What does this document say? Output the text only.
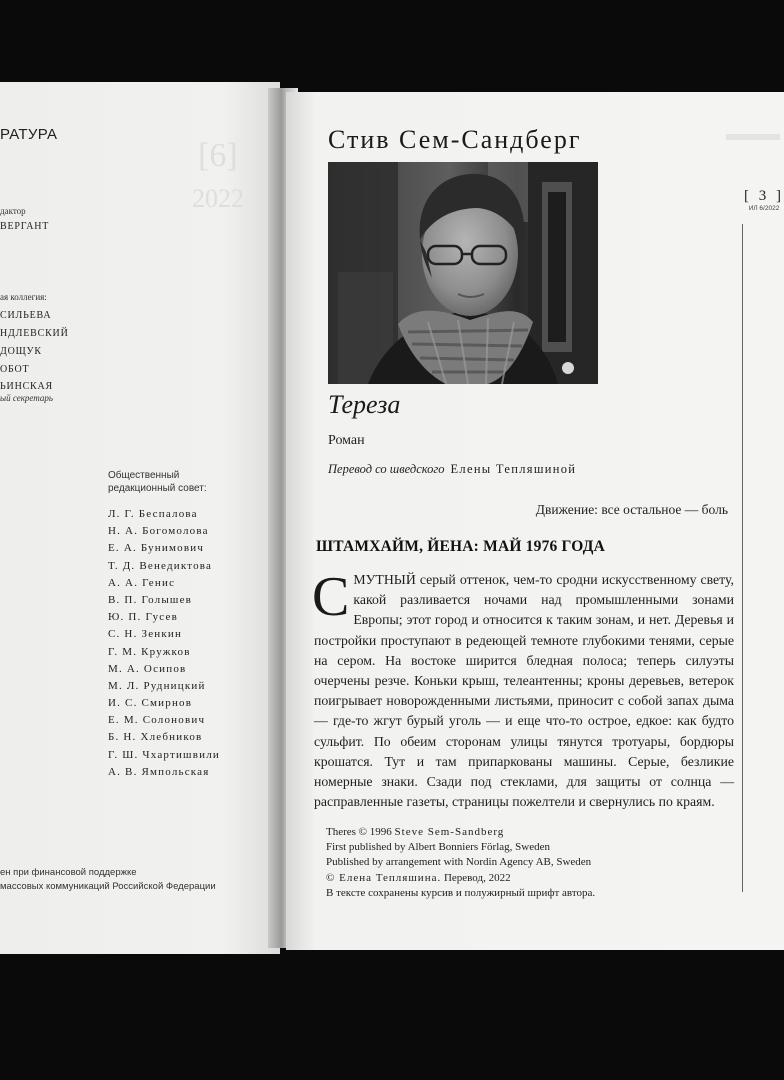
[6]
2022
РАТУРА
дактор
ВЕРГАНТ
ая коллегия:
СИЛЬЕВА
НДЛЕВСКИЙ
ДОЩУК
ОБОТ
ЬИНСКАЯ
ый секретарь
Общественный
редакционный совет:
Л. Г. Беспалова
Н. А. Богомолова
Е. А. Бунимович
Т. Д. Венедиктова
А. А. Генис
В. П. Голышев
Ю. П. Гусев
С. Н. Зенкин
Г. М. Кружков
М. А. Осипов
М. Л. Рудницкий
И. С. Смирнов
Е. М. Солонович
Б. Н. Хлебников
Г. Ш. Чхартишвили
А. В. Ямпольская
ен при финансовой поддержке
массовых коммуникаций Российской Федерации
[ 3 ]
ИЛ 6/2022
Стив Сем-Сандберг
Тереза
Роман
Перевод со шведского Елены Тепляшиной
Движение: все остальное — боль
ШТАМХАЙМ, ЙЕНА: МАЙ 1976 ГОДА

СМУТНЫЙ серый оттенок, чем-то сродни искусственному свету, какой разливается ночами над промышленными зонами Европы; этот город и относится к таким зонам, и нет. Деревья и постройки проступают в редеющей темноте глубокими тенями, серые на сером. На востоке ширится бледная полоса; теперь силуэты очерчены резче. Коньки крыш, телеантенны; кроны деревьев, ветерок поигрывает новорожденными листьями, приносит с собой запах дыма — где-то жгут бурый уголь — и еще что-то острое, едкое: как будто сульфит. По обеим сторонам улицы тянутся тротуары, бордюры крошатся. Тут и там припаркованы машины. Серые, безликие номерные знаки. Сзади под стеклами, для защиты от солнца — расправленные газеты, страницы пожелтели и свернулись по краям.

Theres © 1996 Steve Sem-Sandberg
First published by Albert Bonniers Förlag, Sweden
Published by arrangement with Nordin Agency AB, Sweden
© Елена Тепляшина. Перевод, 2022
В тексте сохранены курсив и полужирный шрифт автора.
